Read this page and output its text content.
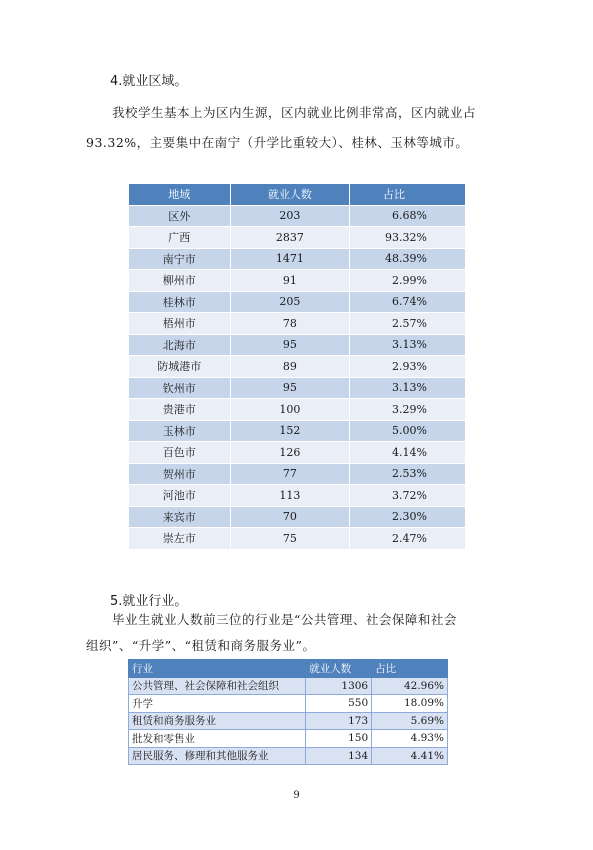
4.就业区域。
我校学生基本上为区内生源，区内就业比例非常高，区内就业占
93.32%，主要集中在南宁（升学比重较大）、桂林、玉林等城市。
地域	就业人数	占比
区外	203	6.68%
广西	2837	93.32%
南宁市	1471	48.39%
柳州市	91	2.99%
桂林市	205	6.74%
梧州市	78	2.57%
北海市	95	3.13%
防城港市	89	2.93%
钦州市	95	3.13%
贵港市	100	3.29%
玉林市	152	5.00%
百色市	126	4.14%
贺州市	77	2.53%
河池市	113	3.72%
来宾市	70	2.30%
崇左市	75	2.47%
5.就业行业。
毕业生就业人数前三位的行业是“公共管理、社会保障和社会
组织”、“升学”、“租赁和商务服务业”。
行业	就业人数	占比
公共管理、社会保障和社会组织	1306	42.96%
升学	550	18.09%
租赁和商务服务业	173	5.69%
批发和零售业	150	4.93%
居民服务、修理和其他服务业	134	4.41%
9
